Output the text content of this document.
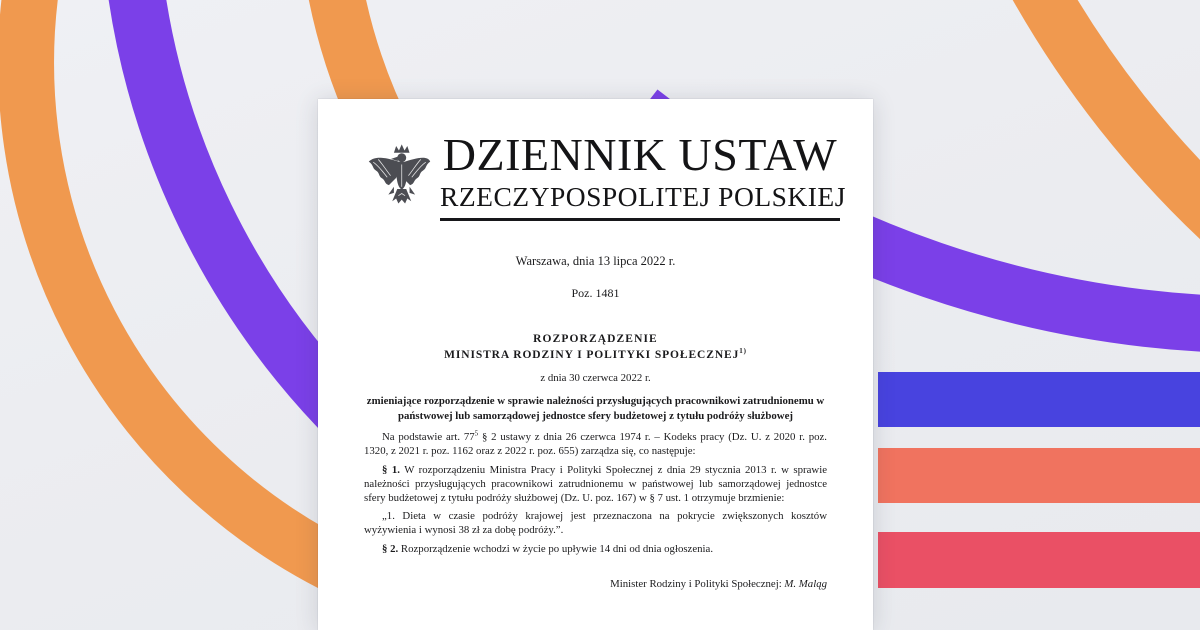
DZIENNIK USTAW
RZECZYPOSPOLITEJ POLSKIEJ

Warszawa, dnia 13 lipca 2022 r.

Poz. 1481

ROZPORZĄDZENIE

MINISTRA RODZINY I POLITYKI SPOŁECZNEJ$^{1)}$

z dnia 30 czerwca 2022 r.

zmieniające rozporządzenie w sprawie należności przysługujących pracownikowi zatrudnionemu w państwowej lub samorządowej jednostce sfery budżetowej z tytułu podróży służbowej

Na podstawie art. $77^5$ § 2 ustawy z dnia 26 czerwca 1974 r. – Kodeks pracy (Dz. U. z 2020 r. poz. 1320, z 2021 r. poz. 1162 oraz z 2022 r. poz. 655) zarządza się, co następuje:

§ 1. W rozporządzeniu Ministra Pracy i Polityki Społecznej z dnia 29 stycznia 2013 r. w sprawie należności przysługujących pracownikowi zatrudnionemu w państwowej lub samorządowej jednostce sfery budżetowej z tytułu podróży służbowej (Dz. U. poz. 167) w § 7 ust. 1 otrzymuje brzmienie:

„1. Dieta w czasie podróży krajowej jest przeznaczona na pokrycie zwiększonych kosztów wyżywienia i wynosi 38 zł za dobę podróży.”.

§ 2. Rozporządzenie wchodzi w życie po upływie 14 dni od dnia ogłoszenia.

Minister Rodziny i Polityki Społecznej: M. Maląg
